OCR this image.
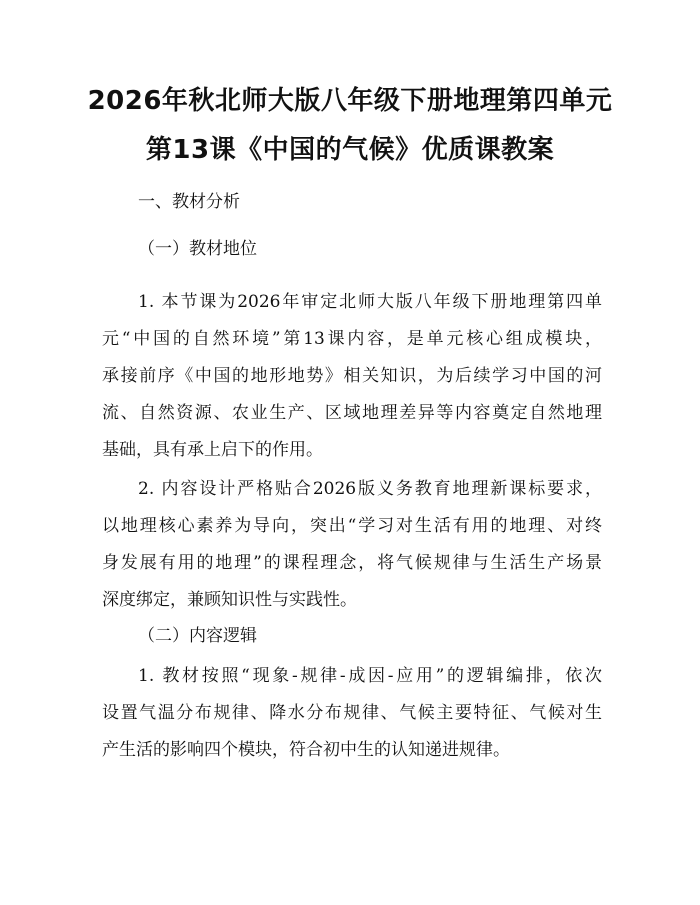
2026年秋北师大版八年级下册地理第四单元
第13课《中国的气候》优质课教案

一、教材分析

（一）教材地位

1. 本节课为2026年审定北师大版八年级下册地理第四单
元“中国的自然环境”第13课内容，是单元核心组成模块，
承接前序《中国的地形地势》相关知识，为后续学习中国的河
流、自然资源、农业生产、区域地理差异等内容奠定自然地理
基础，具有承上启下的作用。
2. 内容设计严格贴合2026版义务教育地理新课标要求，
以地理核心素养为导向，突出“学习对生活有用的地理、对终
身发展有用的地理”的课程理念，将气候规律与生活生产场景
深度绑定，兼顾知识性与实践性。

（二）内容逻辑

1. 教材按照“现象-规律-成因-应用”的逻辑编排，依次
设置气温分布规律、降水分布规律、气候主要特征、气候对生
产生活的影响四个模块，符合初中生的认知递进规律。
